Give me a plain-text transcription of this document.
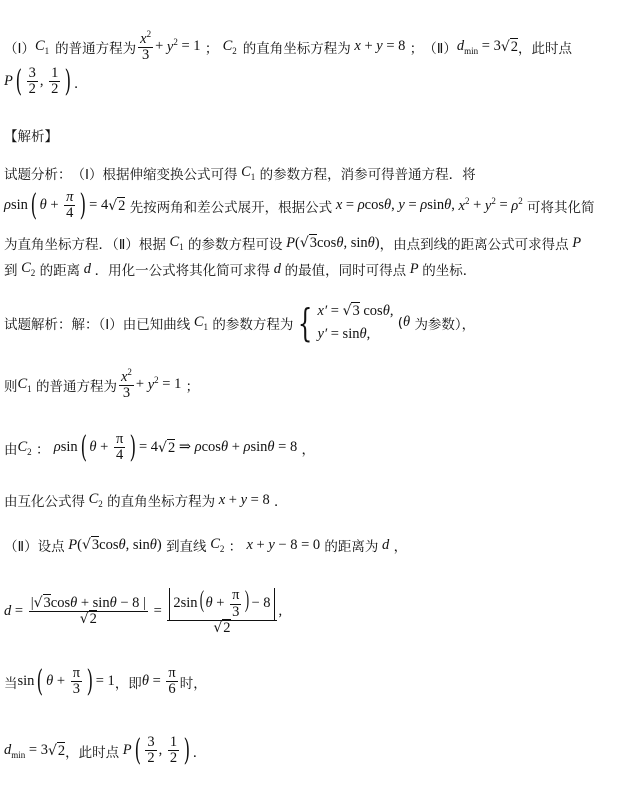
（Ⅰ） $C_1$ 的普通方程为 $\frac{x^2}{3} + y^2 = 1$ ； $C_2$ 的直角坐标方程为 x + y = 8 ； （Ⅱ） $d_{min} = 3$ √ 2 ，此时点
P ( $\frac{3}{2}$ , $\frac{1}{2}$ ) ．
【解析】
试题分析： （Ⅰ）根据伸缩变换公式可得 $C_1$
的参数方程，消参可得普通方程．将
ρ sin ( $\theta + \frac{\pi}{4}$ ) = 4 √ 2
先按两角和差公式展开，根据公式 x = ρ cos θ , y = ρ sin θ , $x^2 + y^2 = \rho^2$
可将其化简
为直角坐标方程．（Ⅱ）根据 $C_1$
的参数方程可设 P ( √ 3 cos θ , sin θ ) ，由点到线的距离公式可求得点 P
到 $C_2$
的距离 d ．用化一公式将其化简可求得 d 的最值，同时可得点 P 的坐标．
试题解析：解：（Ⅰ）由已知曲线 $C_1$
的参数方程为 { x′ = √3 cosθ,
y′ = sinθ,
( θ
为参数），
则 $C_1$
的普通方程为 $\frac{x^2}{3} + y^2 = 1$ ；
由 $C_2$ ： ρ sin ( $\theta + \frac{\pi}{4}$ ) = 4 √ 2 ⇒ ρ cos θ + ρ sin θ = 8 ，
由互化公式得 $C_2$
的直角坐标方程为 x + y = 8 ．
（Ⅱ）设点 P ( √ 3 cos θ , sin θ )
到直线 $C_2$ ： x + y − 8 = 0
的距离为 d ，
$d = \frac{|√3\cos\theta + \sin\theta - 8 |}{√2} = \frac{2\sin( \theta + \frac{\pi}{3} ) - 8}{√2}$ ,
当 sin ( $\theta + \frac{\pi}{3}$ ) = 1 ，即 $\theta = \frac{\pi}{6}$ 时，
$d_{min} = 3$ √ 2 ，此时点 P ( $\frac{3}{2}$ , $\frac{1}{2}$ ) ．
